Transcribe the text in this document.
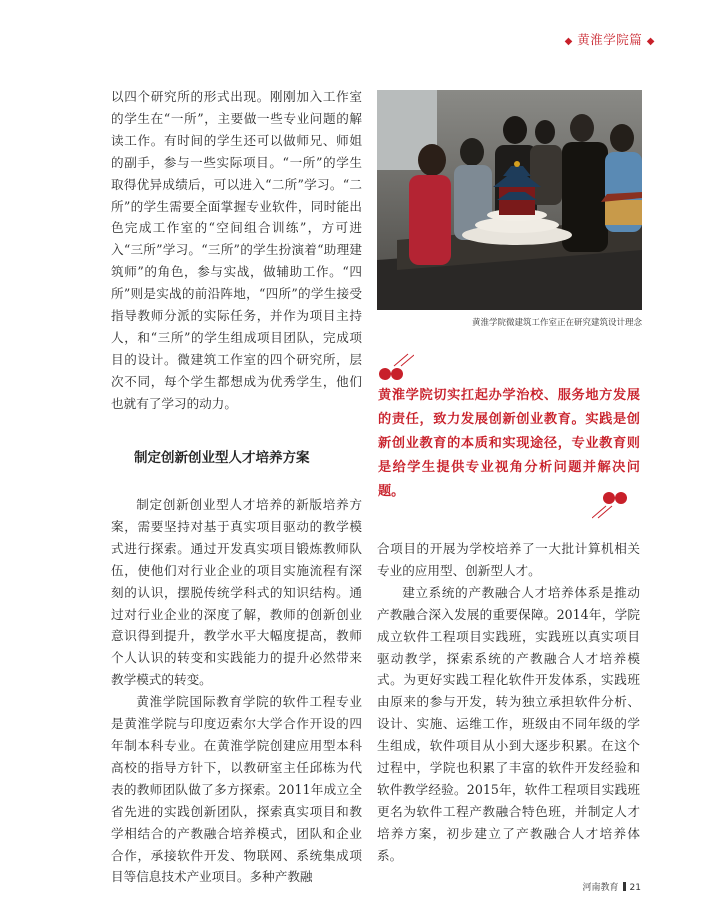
◆ 黄淮学院篇 ◆

以四个研究所的形式出现。刚刚加入工作室的学生在“一所”，主要做一些专业问题的解读工作。有时间的学生还可以做师兄、师姐的副手，参与一些实际项目。“一所”的学生取得优异成绩后，可以进入“二所”学习。“二所”的学生需要全面掌握专业软件，同时能出色完成工作室的“空间组合训练”，方可进入“三所”学习。“三所”的学生扮演着“助理建筑师”的角色，参与实战，做辅助工作。“四所”则是实战的前沿阵地，“四所”的学生接受指导教师分派的实际任务，并作为项目主持人，和“三所”的学生组成项目团队，完成项目的设计。微建筑工作室的四个研究所，层次不同，每个学生都想成为优秀学生，他们也就有了学习的动力。

制定创新创业型人才培养方案

制定创新创业型人才培养的新版培养方案，需要坚持对基于真实项目驱动的教学模式进行探索。通过开发真实项目锻炼教师队伍，使他们对行业企业的项目实施流程有深刻的认识，摆脱传统学科式的知识结构。通过对行业企业的深度了解，教师的创新创业意识得到提升，教学水平大幅度提高，教师个人认识的转变和实践能力的提升必然带来教学模式的转变。

黄淮学院国际教育学院的软件工程专业是黄淮学院与印度迈索尔大学合作开设的四年制本科专业。在黄淮学院创建应用型本科高校的指导方针下，以教研室主任邱栋为代表的教师团队做了多方探索。2011年成立全省先进的实践创新团队，探索真实项目和教学相结合的产教融合培养模式，团队和企业合作，承接软件开发、物联网、系统集成项目等信息技术产业项目。多种产教融

黄淮学院微建筑工作室正在研究建筑设计理念
黄淮学院切实扛起办学治校、服务地方发展的责任，致力发展创新创业教育。实践是创新创业教育的本质和实现途径，专业教育则是给学生提供专业视角分析问题并解决问题。

合项目的开展为学校培养了一大批计算机相关专业的应用型、创新型人才。

建立系统的产教融合人才培养体系是推动产教融合深入发展的重要保障。2014年，学院成立软件工程项目实践班，实践班以真实项目驱动教学，探索系统的产教融合人才培养模式。为更好实践工程化软件开发体系，实践班由原来的参与开发，转为独立承担软件分析、设计、实施、运维工作，班级由不同年级的学生组成，软件项目从小到大逐步积累。在这个过程中，学院也积累了丰富的软件开发经验和软件教学经验。2015年，软件工程项目实践班更名为软件工程产教融合特色班，并制定人才培养方案，初步建立了产教融合人才培养体系。

河南教育 21
